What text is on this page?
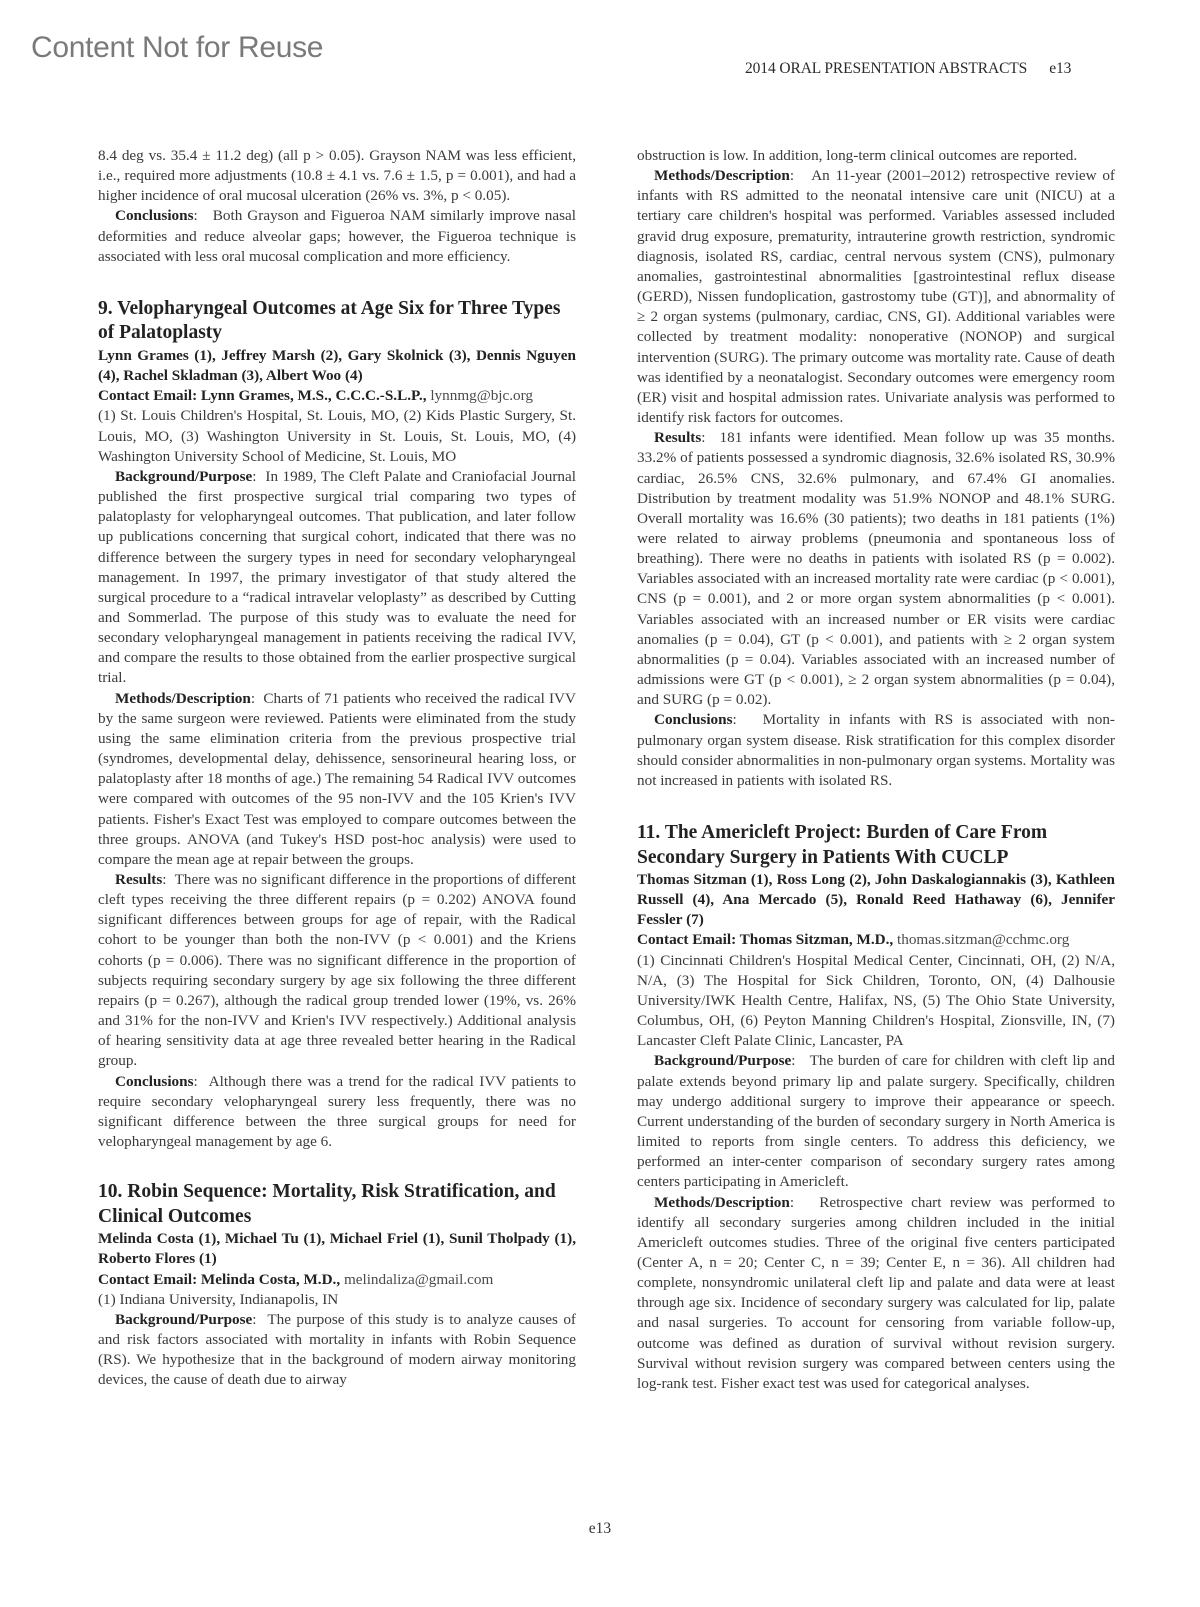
Content Not for Reuse
2014 ORAL PRESENTATION ABSTRACTS e13

8.4 deg vs. 35.4 ± 11.2 deg) (all p > 0.05). Grayson NAM was less efficient, i.e., required more adjustments (10.8 ± 4.1 vs. 7.6 ± 1.5, p = 0.001), and had a higher incidence of oral mucosal ulceration (26% vs. 3%, p < 0.05).

Conclusions:   Both Grayson and Figueroa NAM similarly improve nasal deformities and reduce alveolar gaps; however, the Figueroa technique is associated with less oral mucosal complication and more efficiency.

9. Velopharyngeal Outcomes at Age Six for Three Types of Palatoplasty

Lynn Grames (1), Jeffrey Marsh (2), Gary Skolnick (3), Dennis Nguyen (4), Rachel Skladman (3), Albert Woo (4)

Contact Email: Lynn Grames, M.S., C.C.C.-S.L.P., lynnmg@bjc.org

(1) St. Louis Children's Hospital, St. Louis, MO, (2) Kids Plastic Surgery, St. Louis, MO, (3) Washington University in St. Louis, St. Louis, MO, (4) Washington University School of Medicine, St. Louis, MO

Background/Purpose:  In 1989, The Cleft Palate and Craniofacial Journal published the first prospective surgical trial comparing two types of palatoplasty for velopharyngeal outcomes. That publication, and later follow up publications concerning that surgical cohort, indicated that there was no difference between the surgery types in need for secondary velopharyngeal management. In 1997, the primary investigator of that study altered the surgical procedure to a “radical intravelar veloplasty” as described by Cutting and Sommerlad. The purpose of this study was to evaluate the need for secondary velopharyngeal management in patients receiving the radical IVV, and compare the results to those obtained from the earlier prospective surgical trial.

Methods/Description:  Charts of 71 patients who received the radical IVV by the same surgeon were reviewed. Patients were eliminated from the study using the same elimination criteria from the previous prospective trial (syndromes, developmental delay, dehissence, sensorineural hearing loss, or palatoplasty after 18 months of age.) The remaining 54 Radical IVV outcomes were compared with outcomes of the 95 non-IVV and the 105 Krien's IVV patients. Fisher's Exact Test was employed to compare outcomes between the three groups. ANOVA (and Tukey's HSD post-hoc analysis) were used to compare the mean age at repair between the groups.

Results:  There was no significant difference in the proportions of different cleft types receiving the three different repairs (p = 0.202) ANOVA found significant differences between groups for age of repair, with the Radical cohort to be younger than both the non-IVV (p < 0.001) and the Kriens cohorts (p = 0.006). There was no significant difference in the proportion of subjects requiring secondary surgery by age six following the three different repairs (p = 0.267), although the radical group trended lower (19%, vs. 26% and 31% for the non-IVV and Krien's IVV respectively.) Additional analysis of hearing sensitivity data at age three revealed better hearing in the Radical group.

Conclusions:  Although there was a trend for the radical IVV patients to require secondary velopharyngeal surery less frequently, there was no significant difference between the three surgical groups for need for velopharyngeal management by age 6.

10. Robin Sequence: Mortality, Risk Stratification, and Clinical Outcomes

Melinda Costa (1), Michael Tu (1), Michael Friel (1), Sunil Tholpady (1), Roberto Flores (1)

Contact Email: Melinda Costa, M.D., melindaliza@gmail.com

(1) Indiana University, Indianapolis, IN

Background/Purpose:  The purpose of this study is to analyze causes of and risk factors associated with mortality in infants with Robin Sequence (RS). We hypothesize that in the background of modern airway monitoring devices, the cause of death due to airway

obstruction is low. In addition, long-term clinical outcomes are reported.

Methods/Description:   An 11-year (2001–2012) retrospective review of infants with RS admitted to the neonatal intensive care unit (NICU) at a tertiary care children's hospital was performed. Variables assessed included gravid drug exposure, prematurity, intrauterine growth restriction, syndromic diagnosis, isolated RS, cardiac, central nervous system (CNS), pulmonary anomalies, gastrointestinal abnormalities [gastrointestinal reflux disease (GERD), Nissen fundoplication, gastrostomy tube (GT)], and abnormality of ≥ 2 organ systems (pulmonary, cardiac, CNS, GI). Additional variables were collected by treatment modality: nonoperative (NONOP) and surgical intervention (SURG). The primary outcome was mortality rate. Cause of death was identified by a neonatalogist. Secondary outcomes were emergency room (ER) visit and hospital admission rates. Univariate analysis was performed to identify risk factors for outcomes.

Results:  181 infants were identified. Mean follow up was 35 months. 33.2% of patients possessed a syndromic diagnosis, 32.6% isolated RS, 30.9% cardiac, 26.5% CNS, 32.6% pulmonary, and 67.4% GI anomalies. Distribution by treatment modality was 51.9% NONOP and 48.1% SURG. Overall mortality was 16.6% (30 patients); two deaths in 181 patients (1%) were related to airway problems (pneumonia and spontaneous loss of breathing). There were no deaths in patients with isolated RS (p = 0.002). Variables associated with an increased mortality rate were cardiac (p < 0.001), CNS (p = 0.001), and 2 or more organ system abnormalities (p < 0.001). Variables associated with an increased number or ER visits were cardiac anomalies (p = 0.04), GT (p < 0.001), and patients with ≥ 2 organ system abnormalities (p = 0.04). Variables associated with an increased number of admissions were GT (p < 0.001), ≥ 2 organ system abnormalities (p = 0.04), and SURG (p = 0.02).

Conclusions:   Mortality in infants with RS is associated with non-pulmonary organ system disease. Risk stratification for this complex disorder should consider abnormalities in non-pulmonary organ systems. Mortality was not increased in patients with isolated RS.

11. The Americleft Project: Burden of Care From Secondary Surgery in Patients With CUCLP

Thomas Sitzman (1), Ross Long (2), John Daskalogiannakis (3), Kathleen Russell (4), Ana Mercado (5), Ronald Reed Hathaway (6), Jennifer Fessler (7)

Contact Email: Thomas Sitzman, M.D., thomas.sitzman@cchmc.org

(1) Cincinnati Children's Hospital Medical Center, Cincinnati, OH, (2) N/A, N/A, (3) The Hospital for Sick Children, Toronto, ON, (4) Dalhousie University/IWK Health Centre, Halifax, NS, (5) The Ohio State University, Columbus, OH, (6) Peyton Manning Children's Hospital, Zionsville, IN, (7) Lancaster Cleft Palate Clinic, Lancaster, PA

Background/Purpose:   The burden of care for children with cleft lip and palate extends beyond primary lip and palate surgery. Specifically, children may undergo additional surgery to improve their appearance or speech. Current understanding of the burden of secondary surgery in North America is limited to reports from single centers. To address this deficiency, we performed an inter-center comparison of secondary surgery rates among centers participating in Americleft.

Methods/Description:   Retrospective chart review was performed to identify all secondary surgeries among children included in the initial Americleft outcomes studies. Three of the original five centers participated (Center A, n = 20; Center C, n = 39; Center E, n = 36). All children had complete, nonsyndromic unilateral cleft lip and palate and data were at least through age six. Incidence of secondary surgery was calculated for lip, palate and nasal surgeries. To account for censoring from variable follow-up, outcome was defined as duration of survival without revision surgery. Survival without revision surgery was compared between centers using the log-rank test. Fisher exact test was used for categorical analyses.

e13
